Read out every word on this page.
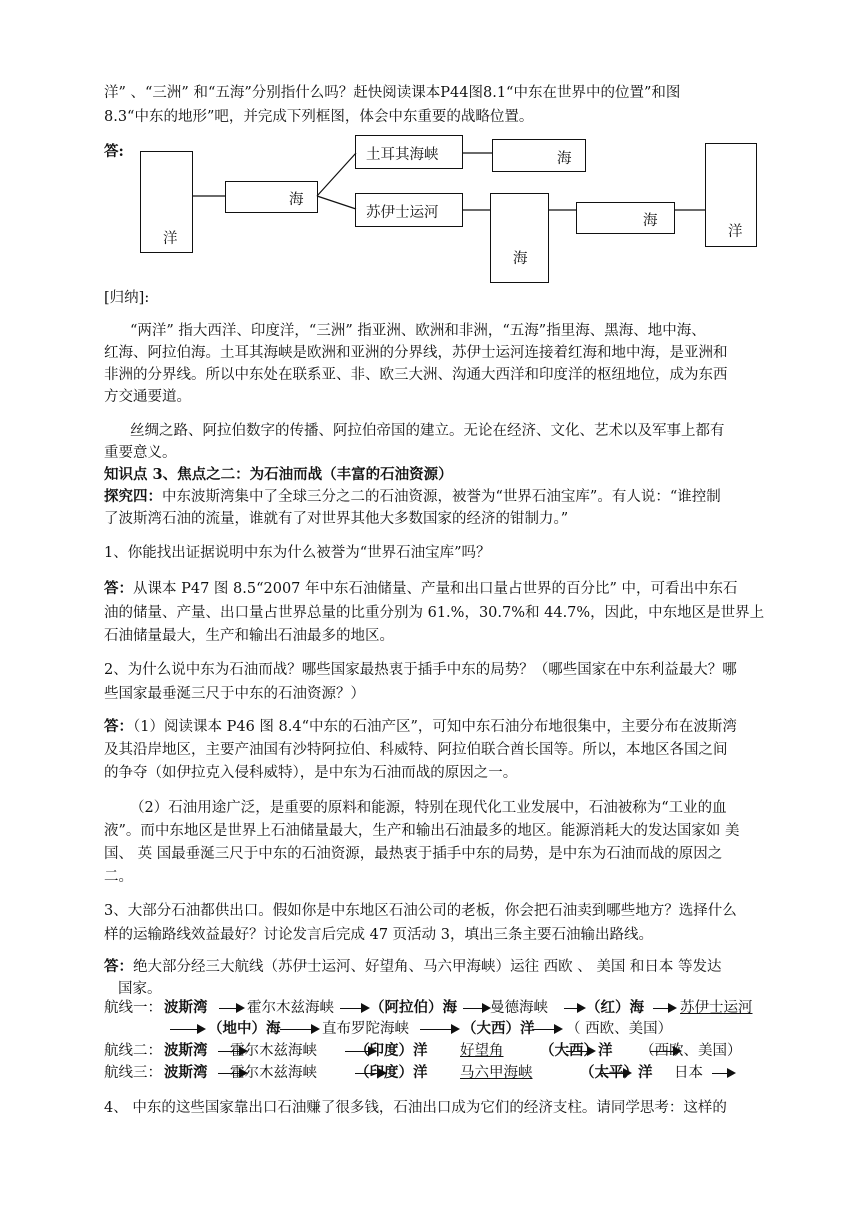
洋” 、“三洲” 和“五海”分别指什么吗？赶快阅读课本P44图8.1“中东在世界中的位置”和图
8.3“中东的地形”吧，并完成下列框图，体会中东重要的战略位置。
答:
洋
海
土耳其海峡	海
苏伊士运河
海
海
洋
[归纳]:
“两洋” 指大西洋、印度洋，“三洲” 指亚洲、欧洲和非洲，“五海”指里海、黑海、地中海、
红海、阿拉伯海。土耳其海峡是欧洲和亚洲的分界线，苏伊士运河连接着红海和地中海，是亚洲和
非洲的分界线。所以中东处在联系亚、非、欧三大洲、沟通大西洋和印度洋的枢纽地位，成为东西
方交通要道。
丝绸之路、阿拉伯数字的传播、阿拉伯帝国的建立。无论在经济、文化、艺术以及军事上都有
重要意义。
知识点 3、焦点之二：为石油而战（丰富的石油资源）
探究四：中东波斯湾集中了全球三分之二的石油资源，被誉为“世界石油宝库”。有人说：“谁控制
了波斯湾石油的流量，谁就有了对世界其他大多数国家的经济的钳制力。”
1、你能找出证据说明中东为什么被誉为“世界石油宝库”吗？
答：从课本 P47 图 8.5“2007 年中东石油储量、产量和出口量占世界的百分比” 中，可看出中东石
油的储量、产量、出口量占世界总量的比重分别为 61.%，30.7%和 44.7%，因此，中东地区是世界上
石油储量最大，生产和输出石油最多的地区。
2、为什么说中东为石油而战？哪些国家最热衷于插手中东的局势？（哪些国家在中东利益最大？哪
些国家最垂涎三尺于中东的石油资源？）
答：（1）阅读课本 P46 图 8.4“中东的石油产区”，可知中东石油分布地很集中，主要分布在波斯湾
及其沿岸地区，主要产油国有沙特阿拉伯、科威特、阿拉伯联合酋长国等。所以，本地区各国之间
的争夺（如伊拉克入侵科威特），是中东为石油而战的原因之一。
（2）石油用途广泛，是重要的原料和能源，特别在现代化工业发展中，石油被称为“工业的血
液”。而中东地区是世界上石油储量最大，生产和输出石油最多的地区。能源消耗大的发达国家如 美
国、 英 国最垂涎三尺于中东的石油资源，最热衷于插手中东的局势，是中东为石油而战的原因之
二。
3、大部分石油都供出口。假如你是中东地区石油公司的老板，你会把石油卖到哪些地方？选择什么
样的运输路线效益最好？讨论发言后完成 47 页活动 3，填出三条主要石油输出路线。
答：绝大部分经三大航线（苏伊士运河、好望角、马六甲海峡）运往 西欧 、 美国 和日本 等发达
国家。
航线一： 波斯湾	霍尔木兹海峡 （阿拉伯）海 曼德海峡	（红）海 苏伊士运河
（地中）海	直布罗陀海峡	（大西）洋 （ 西欧、美国）
航线二： 波斯湾 霍尔木兹海峡	（印度）洋 好望角	（大西）洋 （西欧、美国）
航线三： 波斯湾 霍尔木兹海峡	（印度）洋 马六甲海峡	（太平）洋 日本
4、 中东的这些国家靠出口石油赚了很多钱，石油出口成为它们的经济支柱。请同学思考：这样的
